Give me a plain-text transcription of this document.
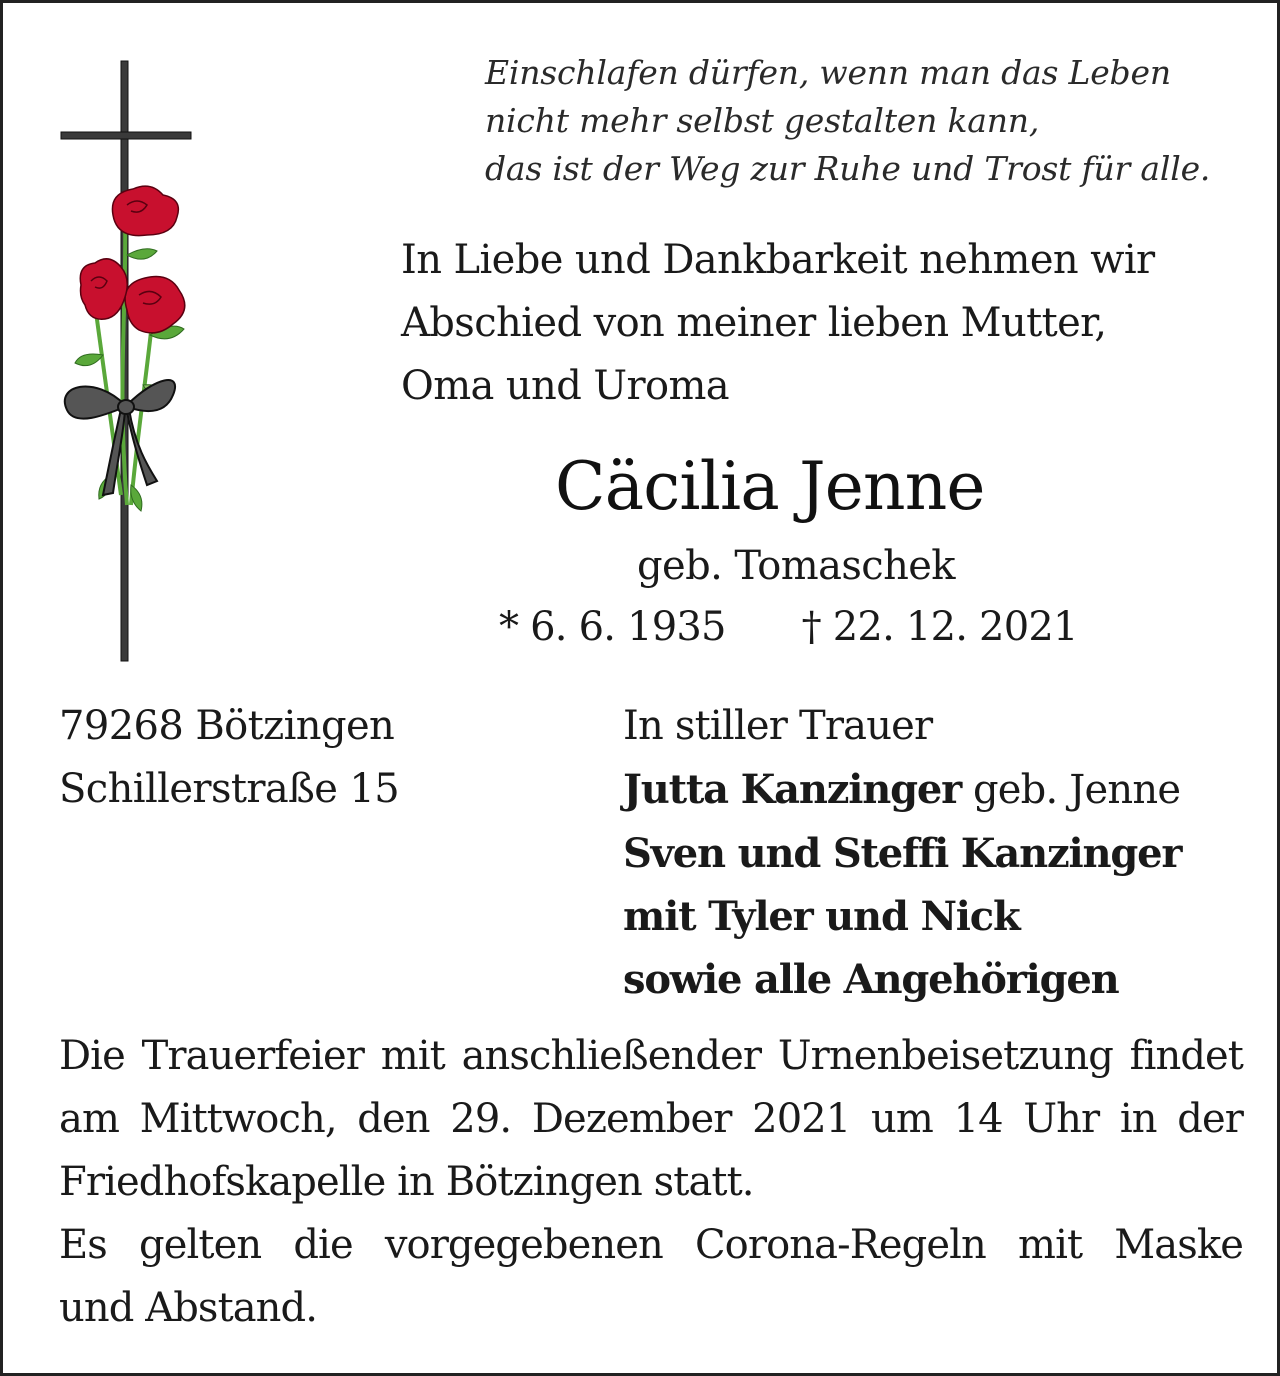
Einschlafen dürfen, wenn man das Leben
nicht mehr selbst gestalten kann,
das ist der Weg zur Ruhe und Trost für alle.
In Liebe und Dankbarkeit nehmen wir
Abschied von meiner lieben Mutter,
Oma und Uroma
Cäcilia Jenne
geb. Tomaschek
* 6. 6. 1935 † 22. 12. 2021
79268 Bötzingen
Schillerstraße 15
In stiller Trauer
Jutta Kanzinger geb. Jenne
Sven und Steffi Kanzinger
mit Tyler und Nick
sowie alle Angehörigen
Die Trauerfeier mit anschließender Urnenbeisetzung findet
am Mittwoch, den 29. Dezember 2021 um 14 Uhr in der
Friedhofskapelle in Bötzingen statt.
Es gelten die vorgegebenen Corona-Regeln mit Maske
und Abstand.
